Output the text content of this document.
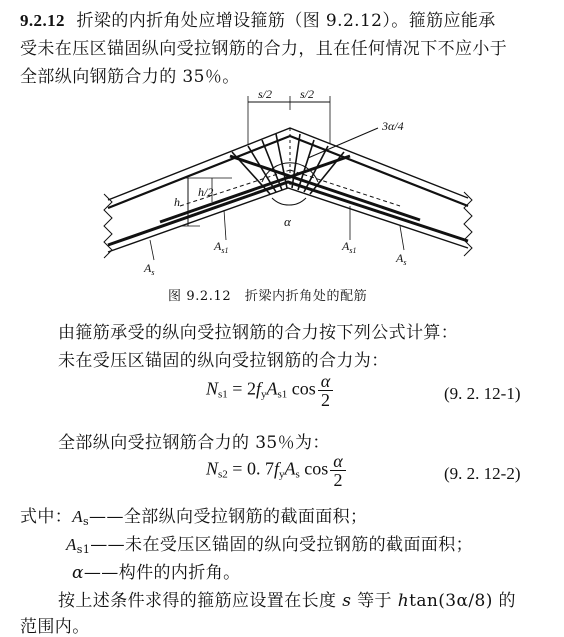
9.2.12 折梁的内折角处应增设箍筋（图 9.2.12）。箍筋应能承
受未在压区锚固纵向受拉钢筋的合力，且在任何情况下不应小于
全部纵向钢筋合力的 35％。
s/2 s/2
3α/4
h
h/2
α
$A_s$
$A_{s1}$	$A_{s1}$
$A_s$
图 9.2.12　折梁内折角处的配筋
由箍筋承受的纵向受拉钢筋的合力按下列公式计算：
未在受压区锚固的纵向受拉钢筋的合力为：
$N_{s1} = 2f_yA_{s1}$ $\cos \frac{\alpha}{2}$	(9. 2. 12-1)
全部纵向受拉钢筋合力的 35％为：
$N_{s2} = 0$. $7f_yA_s$ $\cos \frac{\alpha}{2}$	(9. 2. 12-2)
式中：$A_s——$全部纵向受拉钢筋的截面面积；
$A_{s1}——$未在受压区锚固的纵向受拉钢筋的截面面积；
α——构件的内折角。
按上述条件求得的箍筋应设置在长度 s 等于 htan(3α/8) 的
范围内。
